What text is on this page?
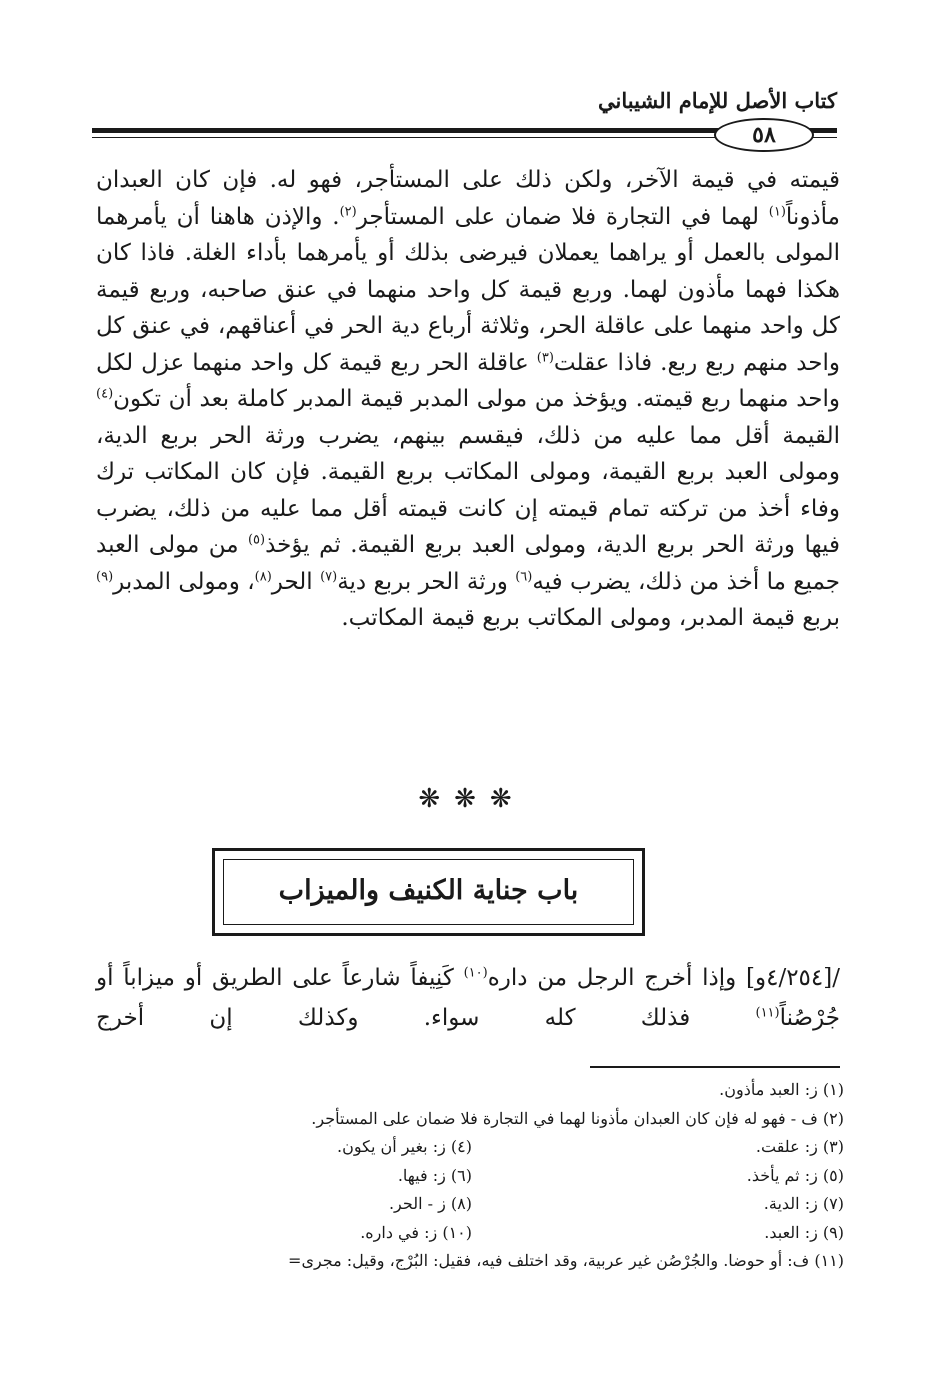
كتاب الأصل للإمام الشيباني
٥٨
قيمته في قيمة الآخر، ولكن ذلك على المستأجر، فهو له. فإن كان العبدان مأذوناً$^{(١)}$ لهما في التجارة فلا ضمان على المستأجر$^{(٢)}$. والإذن هاهنا أن يأمرهما المولى بالعمل أو يراهما يعملان فيرضى بذلك أو يأمرهما بأداء الغلة. فاذا كان هكذا فهما مأذون لهما. وربع قيمة كل واحد منهما في عنق صاحبه، وربع قيمة كل واحد منهما على عاقلة الحر، وثلاثة أرباع دية الحر في أعناقهم، في عنق كل واحد منهم ربع ربع. فاذا عقلت$^{(٣)}$ عاقلة الحر ربع قيمة كل واحد منهما عزل لكل واحد منهما ربع قيمته. ويؤخذ من مولى المدبر قيمة المدبر كاملة بعد أن تكون$^{(٤)}$ القيمة أقل مما عليه من ذلك، فيقسم بينهم، يضرب ورثة الحر بربع الدية، ومولى العبد بربع القيمة، ومولى المكاتب بربع القيمة. فإن كان المكاتب ترك وفاء أخذ من تركته تمام قيمته إن كانت قيمته أقل مما عليه من ذلك، يضرب فيها ورثة الحر بربع الدية، ومولى العبد بربع القيمة. ثم يؤخذ$^{(٥)}$ من مولى العبد جميع ما أخذ من ذلك، يضرب فيه$^{(٦)}$ ورثة الحر بربع دية$^{(٧)}$ الحر$^{(٨)}$، ومولى المدبر$^{(٩)}$ بربع قيمة المدبر، ومولى المكاتب بربع قيمة المكاتب.
❋❋❋
باب جناية الكنيف والميزاب
/[٤/٢٥٤و] وإذا أخرج الرجل من داره$^{(١٠)}$ كَنِيفاً شارعاً على الطريق أو ميزاباً أو جُرْصُناً$^{(١١)}$ فذلك كله سواء. وكذلك إن أخرج
(١) ز: العبد مأذون.
(٢) ف - فهو له فإن كان العبدان مأذونا لهما في التجارة فلا ضمان على المستأجر.
(٣) ز: علقت.
(٤) ز: بغير أن يكون.
(٥) ز: ثم يأخذ.
(٦) ز: فيها.
(٧) ز: الدية.
(٨) ز - الحر.
(٩) ز: العبد.
(١٠) ز: في داره.
(١١) ف: أو حوضا. والجُرْصُن غير عربية، وقد اختلف فيه، فقيل: البُرْج، وقيل: مجرى=
